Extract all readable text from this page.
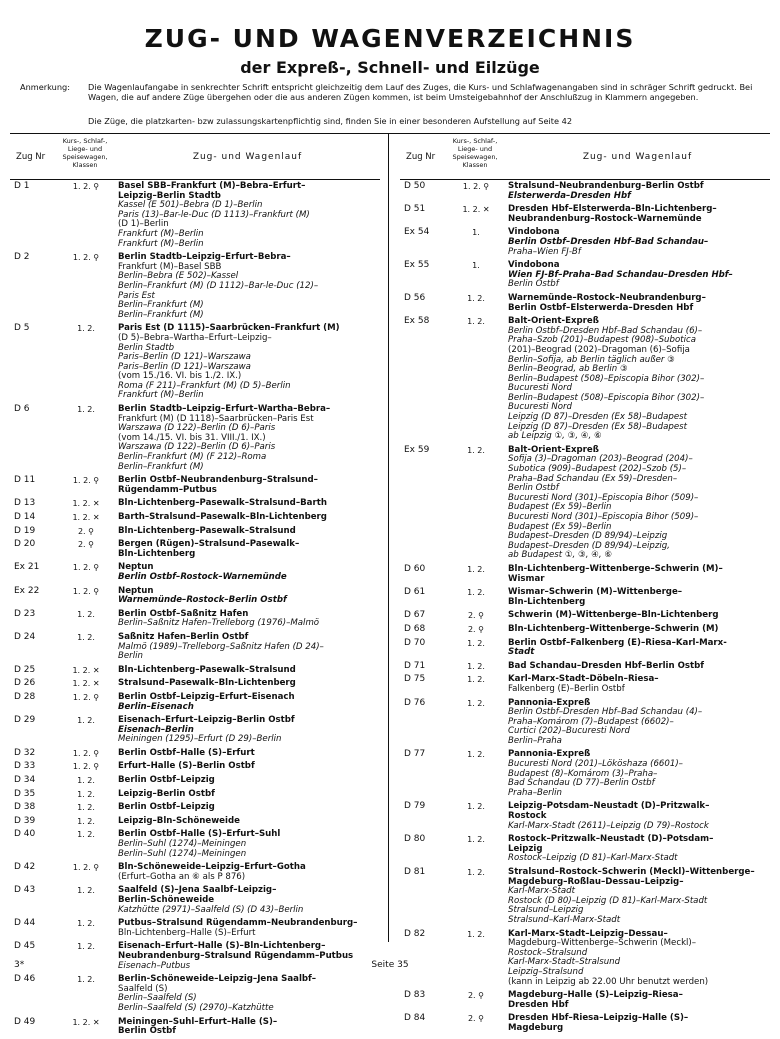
ZUG- UND WAGENVERZEICHNIS
der Expreß-, Schnell- und Eilzüge
Anmerkung:	Die Wagenlaufangabe in senkrechter Schrift entspricht gleichzeitig dem Lauf des Zuges, die Kurs- und Schlafwagenangaben sind in schräger Schrift gedruckt. Bei Wagen, die auf andere Züge übergehen oder die aus anderen Zügen kommen, ist beim Umsteigebahnhof der Anschlußzug in Klammern angegeben.
Die Züge, die platzkarten- bzw zulassungskartenpflichtig sind, finden Sie in einer besonderen Aufstellung auf Seite 42
Zug Nr
Kurs-, Schlaf-, Liege- und Speisewagen, Klassen
Zug- und Wagenlauf
D 1	1. 2. ⚲	Basel SBB–Frankfurt (M)–Bebra–Erfurt–
Leipzig–Berlin Stadtb
Kassel (E 501)–Bebra (D 1)–Berlin
Paris (13)–Bar-le-Duc (D 1113)–Frankfurt (M)
(D 1)–Berlin
Frankfurt (M)–Berlin
Frankfurt (M)–Berlin
D 2	1. 2. ⚲	Berlin Stadtb–Leipzig–Erfurt–Bebra–
Frankfurt (M)–Basel SBB
Berlin–Bebra (E 502)–Kassel
Berlin–Frankfurt (M) (D 1112)–Bar-le-Duc (12)–
Paris Est
Berlin–Frankfurt (M)
Berlin–Frankfurt (M)
D 5	1. 2.	Paris Est (D 1115)–Saarbrücken–Frankfurt (M)
(D 5)–Bebra–Wartha–Erfurt–Leipzig–
Berlin Stadtb
Paris–Berlin (D 121)–Warszawa
Paris–Berlin (D 121)–Warszawa
(vom 15./16. VI. bis 1./2. IX.)
Roma (F 211)–Frankfurt (M) (D 5)–Berlin
Frankfurt (M)–Berlin
D 6	1. 2.	Berlin Stadtb–Leipzig–Erfurt–Wartha–Bebra–
Frankfurt (M) (D 1118)–Saarbrücken–Paris Est
Warszawa (D 122)–Berlin (D 6)–Paris
(vom 14./15. VI. bis 31. VIII./1. IX.)
Warszawa (D 122)–Berlin (D 6)–Paris
Berlin–Frankfurt (M) (F 212)–Roma
Berlin–Frankfurt (M)
D 11	1. 2. ⚲	Berlin Ostbf–Neubrandenburg–Stralsund–
Rügendamm–Putbus
D 13	1. 2. ✕	Bln-Lichtenberg–Pasewalk–Stralsund–Barth
D 14	1. 2. ✕	Barth–Stralsund–Pasewalk–Bln-Lichtenberg
D 19	2. ⚲	Bln-Lichtenberg–Pasewalk–Stralsund
D 20	2. ⚲	Bergen (Rügen)–Stralsund–Pasewalk–
Bln-Lichtenberg
Ex 21	1. 2. ⚲	Neptun
Berlin Ostbf–Rostock–Warnemünde
Ex 22	1. 2. ⚲	Neptun
Warnemünde–Rostock–Berlin Ostbf
D 23	1. 2.	Berlin Ostbf–Saßnitz Hafen
Berlin–Saßnitz Hafen–Trelleborg (1976)–Malmö
D 24	1. 2.	Saßnitz Hafen–Berlin Ostbf
Malmö (1989)–Trelleborg–Saßnitz Hafen (D 24)–
Berlin
D 25	1. 2. ✕	Bln-Lichtenberg–Pasewalk–Stralsund
D 26	1. 2. ✕	Stralsund–Pasewalk–Bln-Lichtenberg
D 28	1. 2. ⚲	Berlin Ostbf–Leipzig–Erfurt–Eisenach
Berlin–Eisenach
D 29	1. 2.	Eisenach–Erfurt–Leipzig–Berlin Ostbf
Eisenach–Berlin
Meiningen (1295)–Erfurt (D 29)–Berlin
D 32	1. 2. ⚲	Berlin Ostbf–Halle (S)–Erfurt
D 33	1. 2. ⚲	Erfurt–Halle (S)–Berlin Ostbf
D 34	1. 2.	Berlin Ostbf–Leipzig
D 35	1. 2.	Leipzig–Berlin Ostbf
D 38	1. 2.	Berlin Ostbf–Leipzig
D 39	1. 2.	Leipzig–Bln-Schöneweide
D 40	1. 2.	Berlin Ostbf–Halle (S)–Erfurt–Suhl
Berlin–Suhl (1274)–Meiningen
Berlin–Suhl (1274)–Meiningen
D 42	1. 2. ⚲	Bln-Schöneweide–Leipzig–Erfurt–Gotha
(Erfurt–Gotha an ⑥ als P 876)
D 43	1. 2.	Saalfeld (S)–Jena Saalbf–Leipzig–
Berlin-Schöneweide
Katzhütte (2971)–Saalfeld (S) (D 43)–Berlin
D 44	1. 2.	Putbus–Stralsund Rügendamm–Neubrandenburg–
Bln-Lichtenberg–Halle (S)–Erfurt
D 45	1. 2.	Eisenach–Erfurt–Halle (S)–Bln-Lichtenberg–
Neubrandenburg–Stralsund Rügendamm–Putbus
Eisenach–Putbus
D 46	1. 2.	Berlin-Schöneweide–Leipzig–Jena Saalbf–
Saalfeld (S)
Berlin–Saalfeld (S)
Berlin–Saalfeld (S) (2970)–Katzhütte
D 49	1. 2. ✕	Meiningen–Suhl–Erfurt–Halle (S)–
Berlin Ostbf
Zug Nr
Kurs-, Schlaf-, Liege- und Speisewagen, Klassen
Zug- und Wagenlauf
D 50	1. 2. ⚲	Stralsund–Neubrandenburg–Berlin Ostbf
Elsterwerda–Dresden Hbf
D 51	1. 2. ✕	Dresden Hbf–Elsterwerda–Bln-Lichtenberg–
Neubrandenburg–Rostock–Warnemünde
Ex 54	1.	Vindobona
Berlin Ostbf–Dresden Hbf–Bad Schandau–
Praha–Wien FJ-Bf
Ex 55	1.	Vindobona
Wien FJ-Bf–Praha–Bad Schandau–Dresden Hbf–
Berlin Ostbf
D 56	1. 2.	Warnemünde–Rostock–Neubrandenburg–
Berlin Ostbf–Elsterwerda–Dresden Hbf
Ex 58	1. 2.	Balt-Orient-Expreß
Berlin Ostbf–Dresden Hbf–Bad Schandau (6)–
Praha–Szob (201)–Budapest (908)–Subotica
(201)–Beograd (202)–Dragoman (6)–Sofija
Berlin–Sofija, ab Berlin täglich außer ③
Berlin–Beograd, ab Berlin ③
Berlin–Budapest (508)–Episcopia Bihor (302)–
Bucuresti Nord
Berlin–Budapest (508)–Episcopia Bihor (302)–
Bucuresti Nord
Leipzig (D 87)–Dresden (Ex 58)–Budapest
Leipzig (D 87)–Dresden (Ex 58)–Budapest
ab Leipzig ①, ③, ④, ⑥
Ex 59	1. 2.	Balt-Orient-Expreß
Sofija (3)–Dragoman (203)–Beograd (204)–
Subotica (909)–Budapest (202)–Szob (5)–
Praha–Bad Schandau (Ex 59)–Dresden–
Berlin Ostbf
Bucuresti Nord (301)–Episcopia Bihor (509)–
Budapest (Ex 59)–Berlin
Bucuresti Nord (301)–Episcopia Bihor (509)–
Budapest (Ex 59)–Berlin
Budapest–Dresden (D 89/94)–Leipzig
Budapest–Dresden (D 89/94)–Leipzig,
ab Budapest ①, ③, ④, ⑥
D 60	1. 2.	Bln-Lichtenberg–Wittenberge–Schwerin (M)–
Wismar
D 61	1. 2.	Wismar–Schwerin (M)–Wittenberge–
Bln-Lichtenberg
D 67	2. ⚲	Schwerin (M)–Wittenberge–Bln-Lichtenberg
D 68	2. ⚲	Bln-Lichtenberg–Wittenberge–Schwerin (M)
D 70	1. 2.	Berlin Ostbf–Falkenberg (E)–Riesa–Karl-Marx-
Stadt
D 71	1. 2.	Bad Schandau–Dresden Hbf–Berlin Ostbf
D 75	1. 2.	Karl-Marx-Stadt–Döbeln–Riesa–
Falkenberg (E)–Berlin Ostbf
D 76	1. 2.	Pannonia-Expreß
Berlin Ostbf–Dresden Hbf–Bad Schandau (4)–
Praha–Komárom (7)–Budapest (6602)–
Curtici (202)–Bucuresti Nord
Berlin–Praha
D 77	1. 2.	Pannonia-Expreß
Bucuresti Nord (201)–Lököshaza (6601)–
Budapest (8)–Komárom (3)–Praha–
Bad Schandau (D 77)–Berlin Ostbf
Praha–Berlin
D 79	1. 2.	Leipzig–Potsdam–Neustadt (D)–Pritzwalk–
Rostock
Karl-Marx-Stadt (2611)–Leipzig (D 79)–Rostock
D 80	1. 2.	Rostock–Pritzwalk–Neustadt (D)–Potsdam–
Leipzig
Rostock–Leipzig (D 81)–Karl-Marx-Stadt
D 81	1. 2.	Stralsund–Rostock–Schwerin (Meckl)–Wittenberge–
Magdeburg–Roßlau–Dessau–Leipzig–
Karl-Marx-Stadt
Rostock (D 80)–Leipzig (D 81)–Karl-Marx-Stadt
Stralsund–Leipzig
Stralsund–Karl-Marx-Stadt
D 82	1. 2.	Karl-Marx-Stadt–Leipzig–Dessau–
Magdeburg–Wittenberge–Schwerin (Meckl)–
Rostock–Stralsund
Karl-Marx-Stadt–Stralsund
Leipzig–Stralsund
(kann in Leipzig ab 22.00 Uhr benutzt werden)
D 83	2. ⚲	Magdeburg–Halle (S)–Leipzig–Riesa–
Dresden Hbf
D 84	2. ⚲	Dresden Hbf–Riesa–Leipzig–Halle (S)–
Magdeburg
3*	Seite 35
